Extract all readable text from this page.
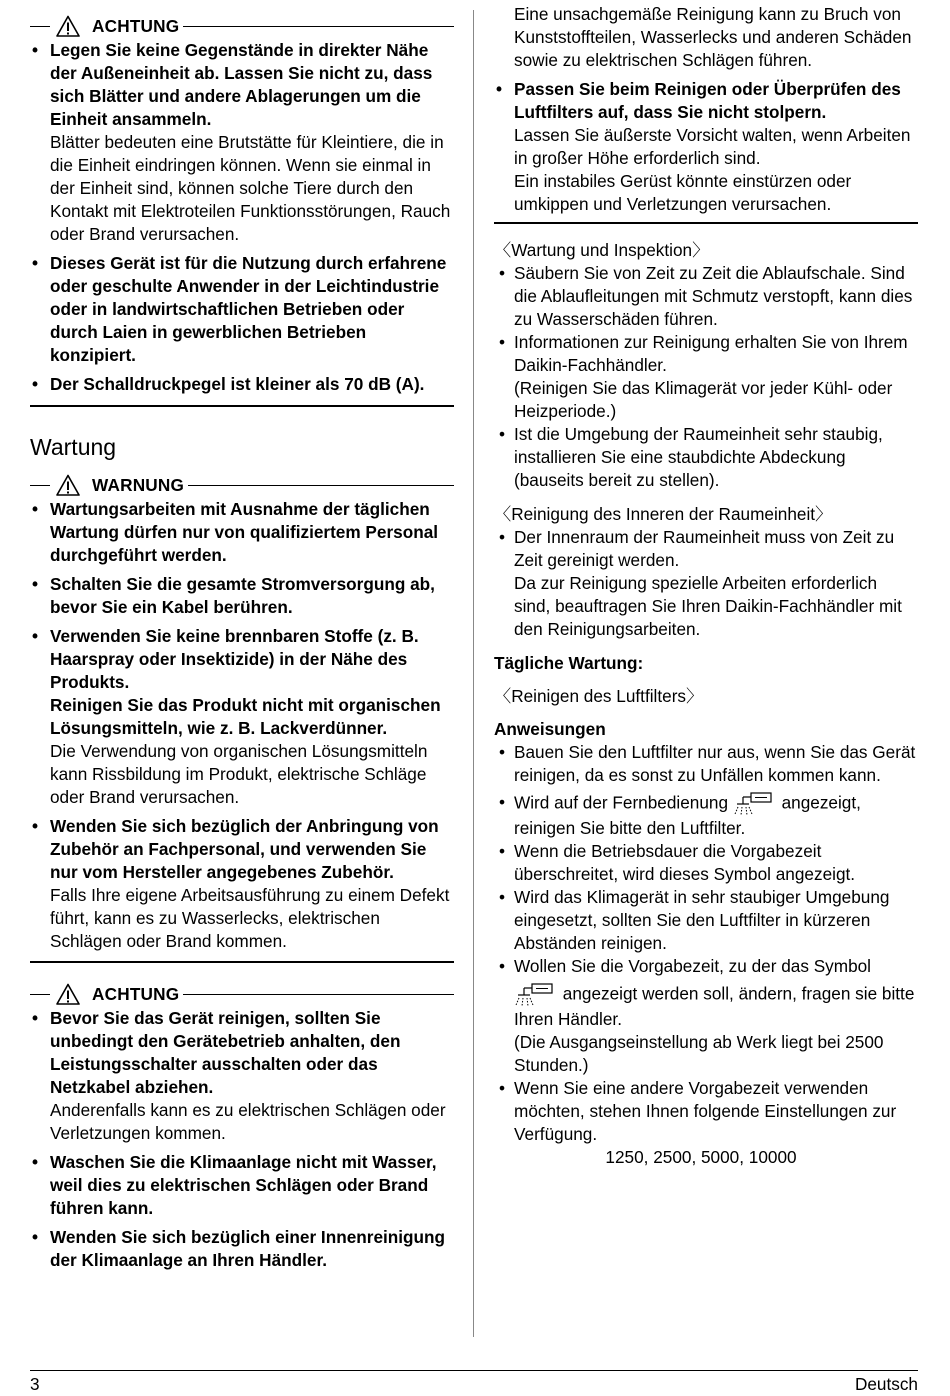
ACHTUNG
• Legen Sie keine Gegenstände in direkter Nähe der Außeneinheit ab. Lassen Sie nicht zu, dass sich Blätter und andere Ablagerungen um die Einheit ansammeln.
Blätter bedeuten eine Brutstätte für Kleintiere, die in die Einheit eindringen können. Wenn sie einmal in der Einheit sind, können solche Tiere durch den Kontakt mit Elektroteilen Funktionsstörungen, Rauch oder Brand verursachen.
• Dieses Gerät ist für die Nutzung durch erfahrene oder geschulte Anwender in der Leichtindustrie oder in landwirtschaftlichen Betrieben oder durch Laien in gewerblichen Betrieben konzipiert.
• Der Schalldruckpegel ist kleiner als 70 dB (A).
Wartung
WARNUNG
• Wartungsarbeiten mit Ausnahme der täglichen Wartung dürfen nur von qualifiziertem Personal durchgeführt werden.
• Schalten Sie die gesamte Stromversorgung ab, bevor Sie ein Kabel berühren.
• Verwenden Sie keine brennbaren Stoffe (z. B. Haarspray oder Insektizide) in der Nähe des Produkts.
Reinigen Sie das Produkt nicht mit organischen Lösungsmitteln, wie z. B. Lackverdünner.
Die Verwendung von organischen Lösungsmitteln kann Rissbildung im Produkt, elektrische Schläge oder Brand verursachen.
• Wenden Sie sich bezüglich der Anbringung von Zubehör an Fachpersonal, und verwenden Sie nur vom Hersteller angegebenes Zubehör.
Falls Ihre eigene Arbeitsausführung zu einem Defekt führt, kann es zu Wasserlecks, elektrischen Schlägen oder Brand kommen.
ACHTUNG
• Bevor Sie das Gerät reinigen, sollten Sie unbedingt den Gerätebetrieb anhalten, den Leistungsschalter ausschalten oder das Netzkabel abziehen.
Anderenfalls kann es zu elektrischen Schlägen oder Verletzungen kommen.
• Waschen Sie die Klimaanlage nicht mit Wasser, weil dies zu elektrischen Schlägen oder Brand führen kann.
• Wenden Sie sich bezüglich einer Innenreinigung der Klimaanlage an Ihren Händler.
Eine unsachgemäße Reinigung kann zu Bruch von Kunststoffteilen, Wasserlecks und anderen Schäden sowie zu elektrischen Schlägen führen.
• Passen Sie beim Reinigen oder Überprüfen des Luftfilters auf, dass Sie nicht stolpern.
Lassen Sie äußerste Vorsicht walten, wenn Arbeiten in großer Höhe erforderlich sind.
Ein instabiles Gerüst könnte einstürzen oder umkippen und Verletzungen verursachen.
〈Wartung und Inspektion〉
• Säubern Sie von Zeit zu Zeit die Ablaufschale. Sind die Ablaufleitungen mit Schmutz verstopft, kann dies zu Wasserschäden führen.
• Informationen zur Reinigung erhalten Sie von Ihrem Daikin-Fachhändler.
(Reinigen Sie das Klimagerät vor jeder Kühl- oder Heizperiode.)
• Ist die Umgebung der Raumeinheit sehr staubig, installieren Sie eine staubdichte Abdeckung (bauseits bereit zu stellen).
〈Reinigung des Inneren der Raumeinheit〉
• Der Innenraum der Raumeinheit muss von Zeit zu Zeit gereinigt werden.
Da zur Reinigung spezielle Arbeiten erforderlich sind, beauftragen Sie Ihren Daikin-Fachhändler mit den Reinigungsarbeiten.
Tägliche Wartung:
〈Reinigen des Luftfilters〉
Anweisungen
• Bauen Sie den Luftfilter nur aus, wenn Sie das Gerät reinigen, da es sonst zu Unfällen kommen kann.
• Wird auf der Fernbedienung	angezeigt, reinigen Sie bitte den Luftfilter.
• Wenn die Betriebsdauer die Vorgabezeit überschreitet, wird dieses Symbol angezeigt.
• Wird das Klimagerät in sehr staubiger Umgebung eingesetzt, sollten Sie den Luftfilter in kürzeren Abständen reinigen.
• Wollen Sie die Vorgabezeit, zu der das Symbol
angezeigt werden soll, ändern, fragen sie bitte Ihren Händler.
(Die Ausgangseinstellung ab Werk liegt bei 2500 Stunden.)
• Wenn Sie eine andere Vorgabezeit verwenden möchten, stehen Ihnen folgende Einstellungen zur Verfügung.
1250, 2500, 5000, 10000
3	Deutsch
